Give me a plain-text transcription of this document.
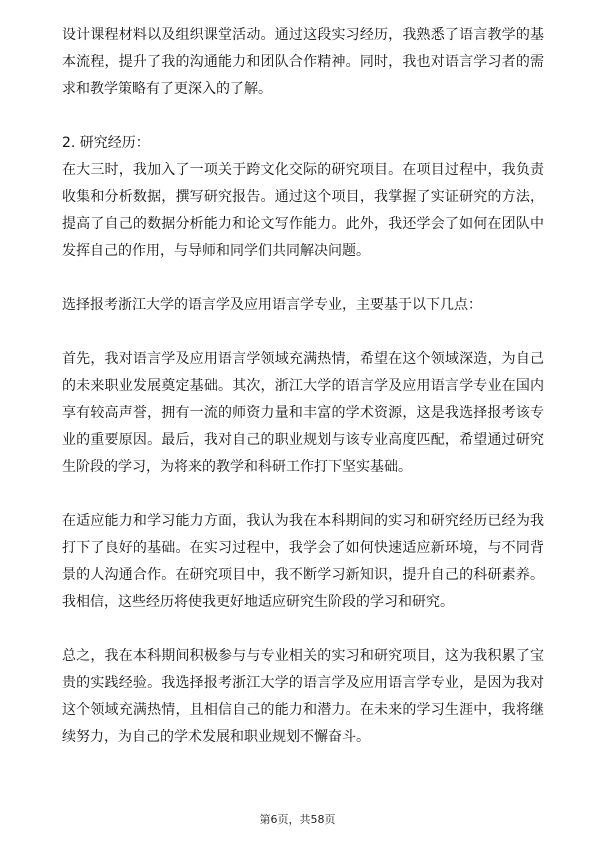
设计课程材料以及组织课堂活动。通过这段实习经历，我熟悉了语言教学的基本流程，提升了我的沟通能力和团队合作精神。同时，我也对语言学习者的需求和教学策略有了更深入的了解。

2. 研究经历：

在大三时，我加入了一项关于跨文化交际的研究项目。在项目过程中，我负责收集和分析数据，撰写研究报告。通过这个项目，我掌握了实证研究的方法，提高了自己的数据分析能力和论文写作能力。此外，我还学会了如何在团队中发挥自己的作用，与导师和同学们共同解决问题。

选择报考浙江大学的语言学及应用语言学专业，主要基于以下几点：

首先，我对语言学及应用语言学领域充满热情，希望在这个领域深造，为自己的未来职业发展奠定基础。其次，浙江大学的语言学及应用语言学专业在国内享有较高声誉，拥有一流的师资力量和丰富的学术资源，这是我选择报考该专业的重要原因。最后，我对自己的职业规划与该专业高度匹配，希望通过研究生阶段的学习，为将来的教学和科研工作打下坚实基础。

在适应能力和学习能力方面，我认为我在本科期间的实习和研究经历已经为我打下了良好的基础。在实习过程中，我学会了如何快速适应新环境，与不同背景的人沟通合作。在研究项目中，我不断学习新知识，提升自己的科研素养。我相信，这些经历将使我更好地适应研究生阶段的学习和研究。

总之，我在本科期间积极参与与专业相关的实习和研究项目，这为我积累了宝贵的实践经验。我选择报考浙江大学的语言学及应用语言学专业，是因为我对这个领域充满热情，且相信自己的能力和潜力。在未来的学习生涯中，我将继续努力，为自己的学术发展和职业规划不懈奋斗。

第6页，共58页
